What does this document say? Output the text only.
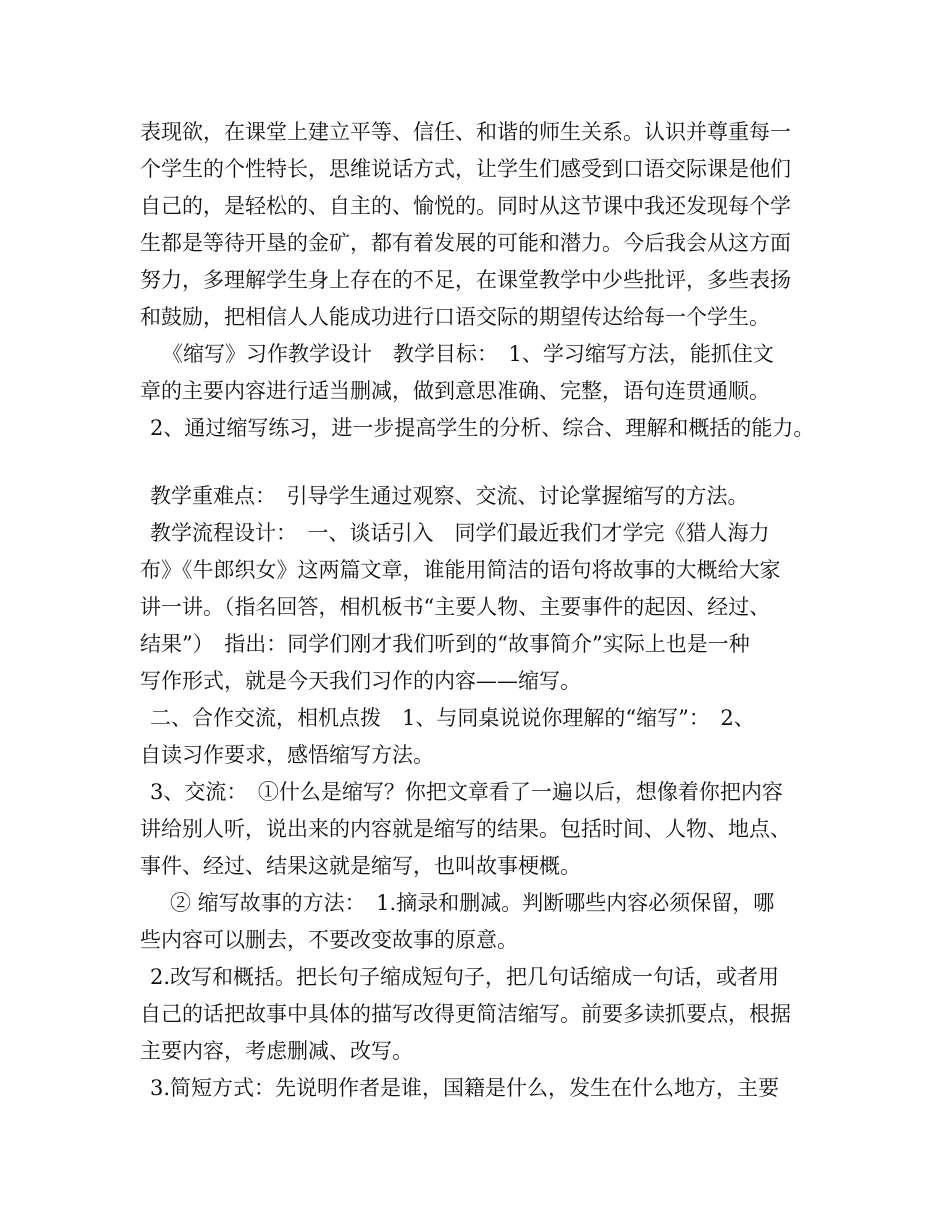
表现欲，在课堂上建立平等、信任、和谐的师生关系。认识并尊重每一
个学生的个性特长，思维说话方式，让学生们感受到口语交际课是他们
自己的，是轻松的、自主的、愉悦的。同时从这节课中我还发现每个学
生都是等待开垦的金矿，都有着发展的可能和潜力。今后我会从这方面
努力，多理解学生身上存在的不足，在课堂教学中少些批评，多些表扬
和鼓励，把相信人人能成功进行口语交际的期望传达给每一个学生。
《缩写》习作教学设计　教学目标：　1、学习缩写方法，能抓住文
章的主要内容进行适当删减，做到意思准确、完整，语句连贯通顺。
2、通过缩写练习，进一步提高学生的分析、综合、理解和概括的能力。
教学重难点：　引导学生通过观察、交流、讨论掌握缩写的方法。
教学流程设计：　一、谈话引入　同学们最近我们才学完《猎人海力
布》《牛郎织女》这两篇文章，谁能用简洁的语句将故事的大概给大家
讲一讲。（指名回答，相机板书“主要人物、主要事件的起因、经过、
结果”）　指出：同学们刚才我们听到的“故事简介”实际上也是一种
写作形式，就是今天我们习作的内容——缩写。
二、合作交流，相机点拨　1、与同桌说说你理解的“缩写”：　2、
自读习作要求，感悟缩写方法。
3、交流：　①什么是缩写？你把文章看了一遍以后，想像着你把内容
讲给别人听，说出来的内容就是缩写的结果。包括时间、人物、地点、
事件、经过、结果这就是缩写，也叫故事梗概。
② 缩写故事的方法：　1.摘录和删减。判断哪些内容必须保留，哪
些内容可以删去，不要改变故事的原意。
2.改写和概括。把长句子缩成短句子，把几句话缩成一句话，或者用
自己的话把故事中具体的描写改得更简洁缩写。前要多读抓要点，根据
主要内容，考虑删减、改写。
3.简短方式：先说明作者是谁，国籍是什么，发生在什么地方，主要
